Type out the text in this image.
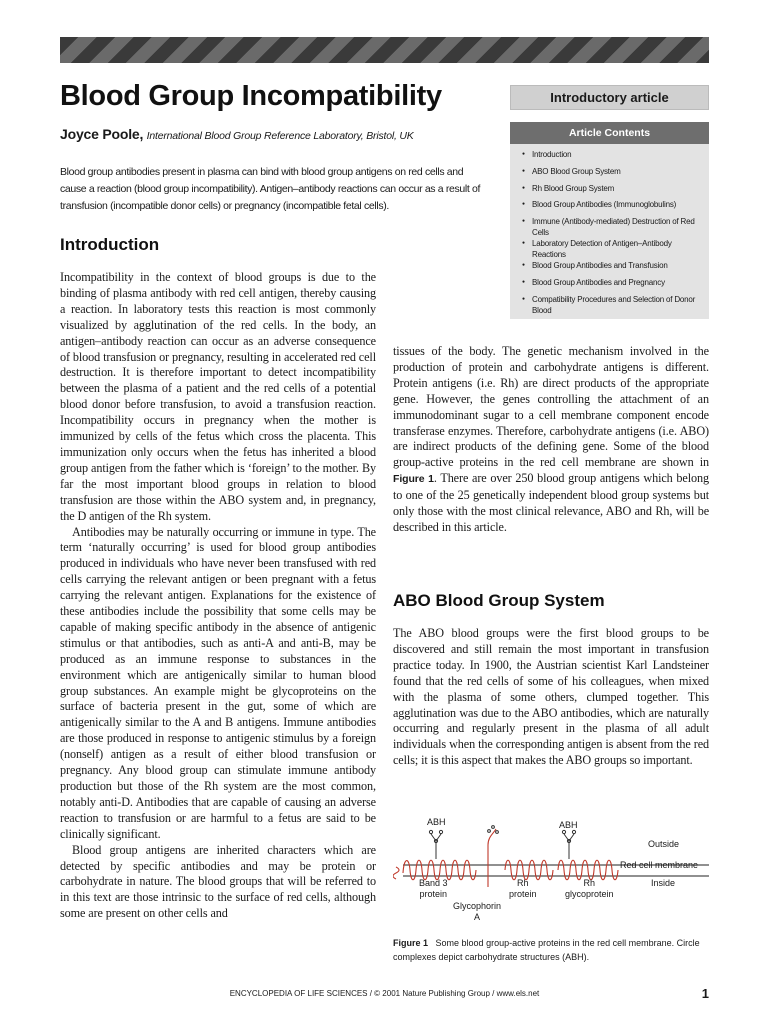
Blood Group Incompatibility
Joyce Poole, International Blood Group Reference Laboratory, Bristol, UK

Blood group antibodies present in plasma can bind with blood group antigens on red cells and cause a reaction (blood group incompatibility). Antigen–antibody reactions can occur as a result of transfusion (incompatible donor cells) or pregnancy (incompatible fetal cells).

Introductory article
Article Contents
● Introduction
● ABO Blood Group System
● Rh Blood Group System
● Blood Group Antibodies (Immunoglobulins)
● Immune (Antibody-mediated) Destruction of Red Cells
● Laboratory Detection of Antigen–Antibody Reactions
● Blood Group Antibodies and Transfusion
● Blood Group Antibodies and Pregnancy
● Compatibility Procedures and Selection of Donor Blood
Introduction

Incompatibility in the context of blood groups is due to the binding of plasma antibody with red cell antigen, thereby causing a reaction. In laboratory tests this reaction is most commonly visualized by agglutination of the red cells. In the body, an antigen–antibody reaction can occur as an adverse consequence of blood transfusion or pregnancy, resulting in accelerated red cell destruction. It is therefore important to detect incompatibility between the plasma of a patient and the red cells of a potential blood donor before transfusion, to avoid a transfusion reaction. Incompatibility occurs in pregnancy when the mother is immunized by cells of the fetus which cross the placenta. This immunization only occurs when the fetus has inherited a blood group antigen from the father which is ‘foreign’ to the mother. By far the most important blood groups in relation to blood transfusion are those within the ABO system and, in pregnancy, the D antigen of the Rh system.

Antibodies may be naturally occurring or immune in type. The term ‘naturally occurring’ is used for blood group antibodies produced in individuals who have never been transfused with red cells carrying the relevant antigen or been pregnant with a fetus carrying the relevant antigen. Explanations for the existence of these antibodies include the possibility that some cells may be capable of making specific antibody in the absence of antigenic stimulus or that antibodies, such as anti-A and anti-B, may be produced as an immune response to substances in the environment which are antigenically similar to human blood group substances. An example might be glycoproteins on the surface of bacteria present in the gut, some of which are antigenically similar to the A and B antigens. Immune antibodies are those produced in response to antigenic stimulus by a foreign (nonself) antigen as a result of either blood transfusion or pregnancy. Any blood group can stimulate immune antibody production but those of the Rh system are the most common, notably anti-D. Antibodies that are capable of causing an adverse reaction to transfusion or are harmful to a fetus are said to be clinically significant.

Blood group antigens are inherited characters which are detected by specific antibodies and may be protein or carbohydrate in nature. The blood groups that will be referred to in this text are those intrinsic to the surface of red cells, although some are present on other cells and

tissues of the body. The genetic mechanism involved in the production of protein and carbohydrate antigens is different. Protein antigens (i.e. Rh) are direct products of the appropriate gene. However, the genes controlling the attachment of an immunodominant sugar to a cell membrane component encode transferase enzymes. Therefore, carbohydrate antigens (i.e. ABO) are indirect products of the defining gene. Some of the blood group-active proteins in the red cell membrane are shown in Figure 1. There are over 250 blood group antigens which belong to one of the 25 genetically independent blood group systems but only those with the most clinical relevance, ABO and Rh, will be described in this article.

ABO Blood Group System

The ABO blood groups were the first blood groups to be discovered and still remain the most important in transfusion practice today. In 1900, the Austrian scientist Karl Landsteiner found that the red cells of some of his colleagues, when mixed with the plasma of some others, clumped together. This agglutination was due to the ABO antibodies, which are naturally occurring and regularly present in the plasma of all adult individuals when the corresponding antigen is absent from the red cells; it is this aspect that makes the ABO groups so important.

ABH	ABH
Outside
Red cell membrane
Inside
Band 3
protein
Rh
protein
Rh
glycoprotein
Glycophorin
A

Figure 1 Some blood group-active proteins in the red cell membrane. Circle complexes depict carbohydrate structures (ABH).

ENCYCLOPEDIA OF LIFE SCIENCES / © 2001 Nature Publishing Group / www.els.net	1
